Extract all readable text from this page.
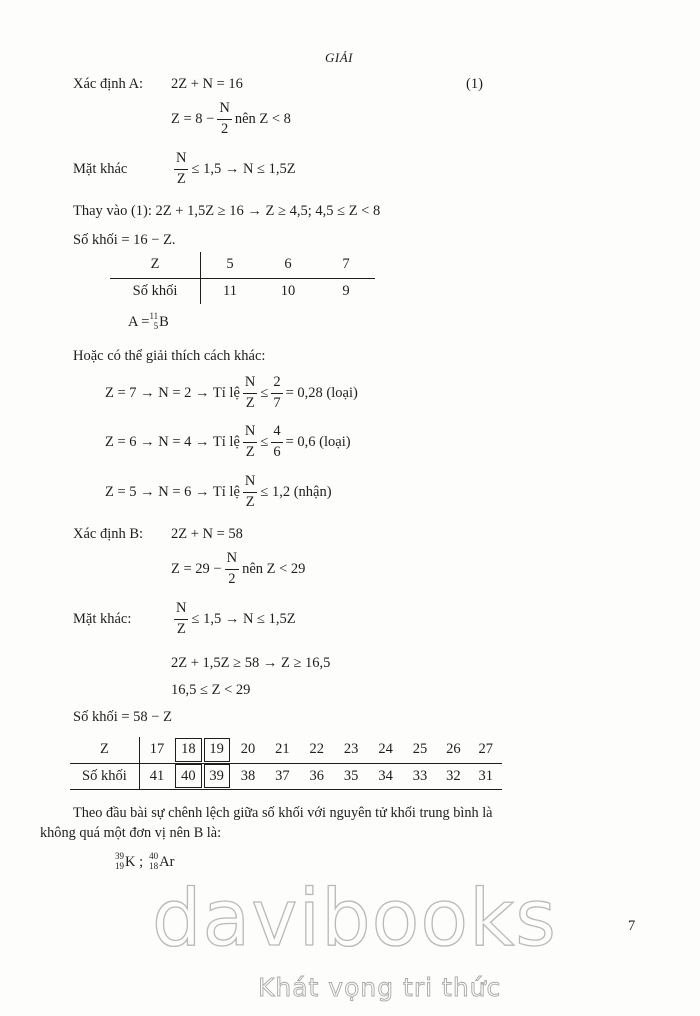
GIẢI
Xác định A: 2Z + N = 16	(1)
$Z = 8 - \frac{N}{2}$ nên Z < 8
Mặt khác	$\frac{N}{Z} \le 1,5 \to N \le 1,5Z$
Thay vào (1): 2Z + 1,5Z ≥ 16 → Z ≥ 4,5; 4,5 ≤ Z < 8
Số khối = 16 − Z.
Z	5	6	7
Số khối	11	10	9
A = 11
5 B
Hoặc có thể giải thích cách khác:
Z = 7 → N = 2 → Tỉ lệ $\frac{N}{Z} \le \frac{2}{7} = 0,28$ (loại)
Z = 6 → N = 4 → Tỉ lệ $\frac{N}{Z} \le \frac{4}{6} = 0,6$ (loại)
Z = 5 → N = 6 → Tỉ lệ $\frac{N}{Z} \le 1,2$ (nhận)
Xác định B: 2Z + N = 58
$Z = 29 - \frac{N}{2}$ nên Z < 29
Mặt khác:	$\frac{N}{Z} \le 1,5 \to N \le 1,5Z$
2Z + 1,5Z ≥ 58 → Z ≥ 16,5
16,5 ≤ Z < 29
Số khối = 58 − Z
Z	17	18	19	20	21	22	23	24	25	26	27
Số khối	41	40	39	38	37	36	35	34	33	32	31
Theo đầu bài sự chênh lệch giữa số khối với nguyên tử khối trung bình là
không quá một đơn vị nên B là:
39
19 K ; 40
18 Ar
7
davibooks
Khát vọng tri thức
